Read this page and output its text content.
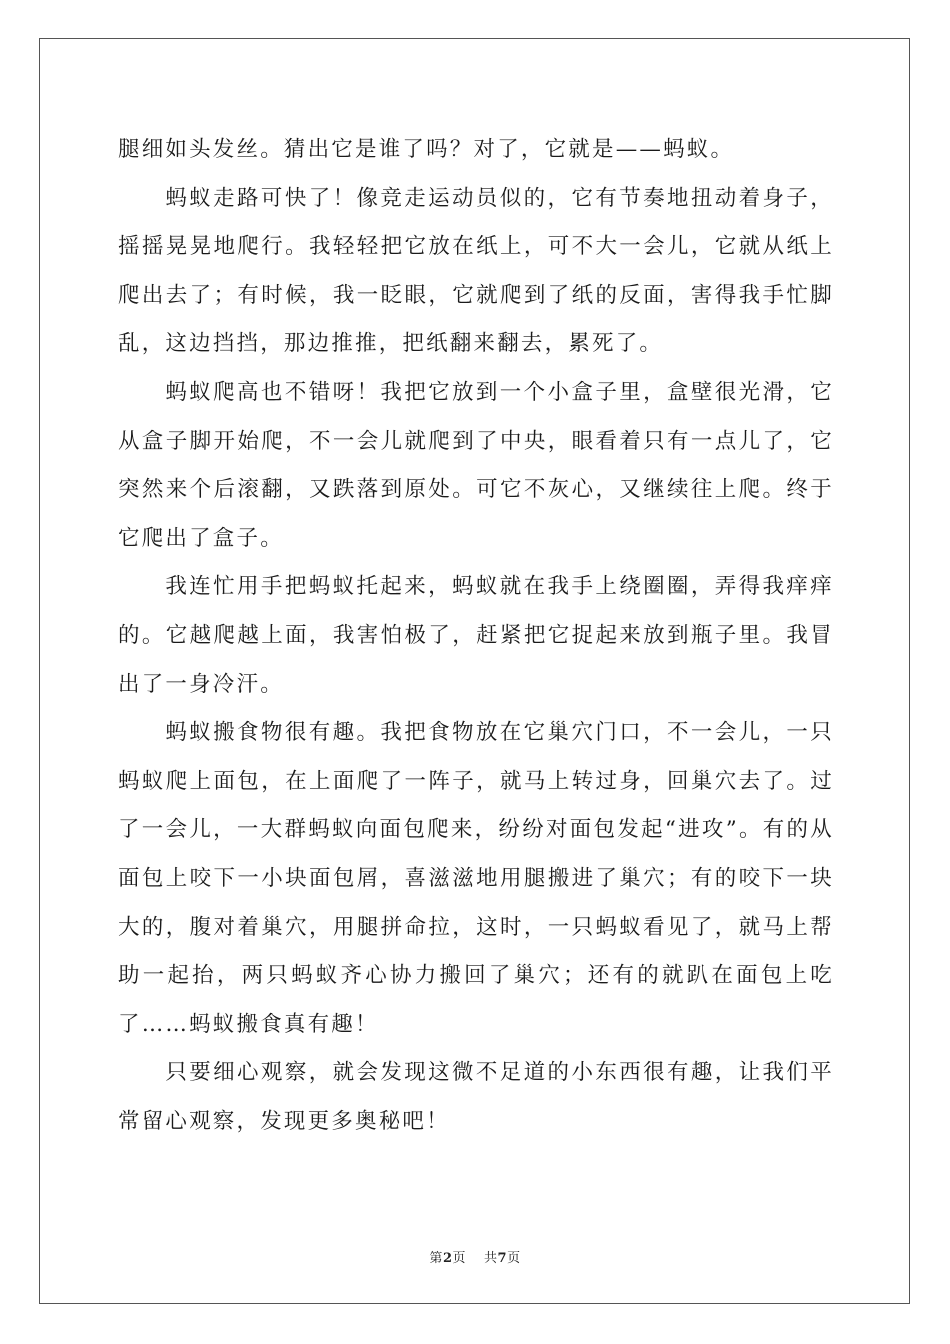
腿细如头发丝。猜出它是谁了吗？对了，它就是——蚂蚁。

蚂蚁走路可快了！像竞走运动员似的，它有节奏地扭动着身子，摇摇晃晃地爬行。我轻轻把它放在纸上，可不大一会儿，它就从纸上爬出去了；有时候，我一眨眼，它就爬到了纸的反面，害得我手忙脚乱，这边挡挡，那边推推，把纸翻来翻去，累死了。

蚂蚁爬高也不错呀！我把它放到一个小盒子里，盒壁很光滑，它从盒子脚开始爬，不一会儿就爬到了中央，眼看着只有一点儿了，它突然来个后滚翻，又跌落到原处。可它不灰心，又继续往上爬。终于它爬出了盒子。

我连忙用手把蚂蚁托起来，蚂蚁就在我手上绕圈圈，弄得我痒痒的。它越爬越上面，我害怕极了，赶紧把它捉起来放到瓶子里。我冒出了一身冷汗。

蚂蚁搬食物很有趣。我把食物放在它巢穴门口，不一会儿，一只蚂蚁爬上面包，在上面爬了一阵子，就马上转过身，回巢穴去了。过了一会儿，一大群蚂蚁向面包爬来，纷纷对面包发起“进攻”。有的从面包上咬下一小块面包屑，喜滋滋地用腿搬进了巢穴；有的咬下一块大的，腹对着巢穴，用腿拼命拉，这时，一只蚂蚁看见了，就马上帮助一起抬，两只蚂蚁齐心协力搬回了巢穴；还有的就趴在面包上吃了……蚂蚁搬食真有趣！

只要细心观察，就会发现这微不足道的小东西很有趣，让我们平常留心观察，发现更多奥秘吧！

第2页 共7页
